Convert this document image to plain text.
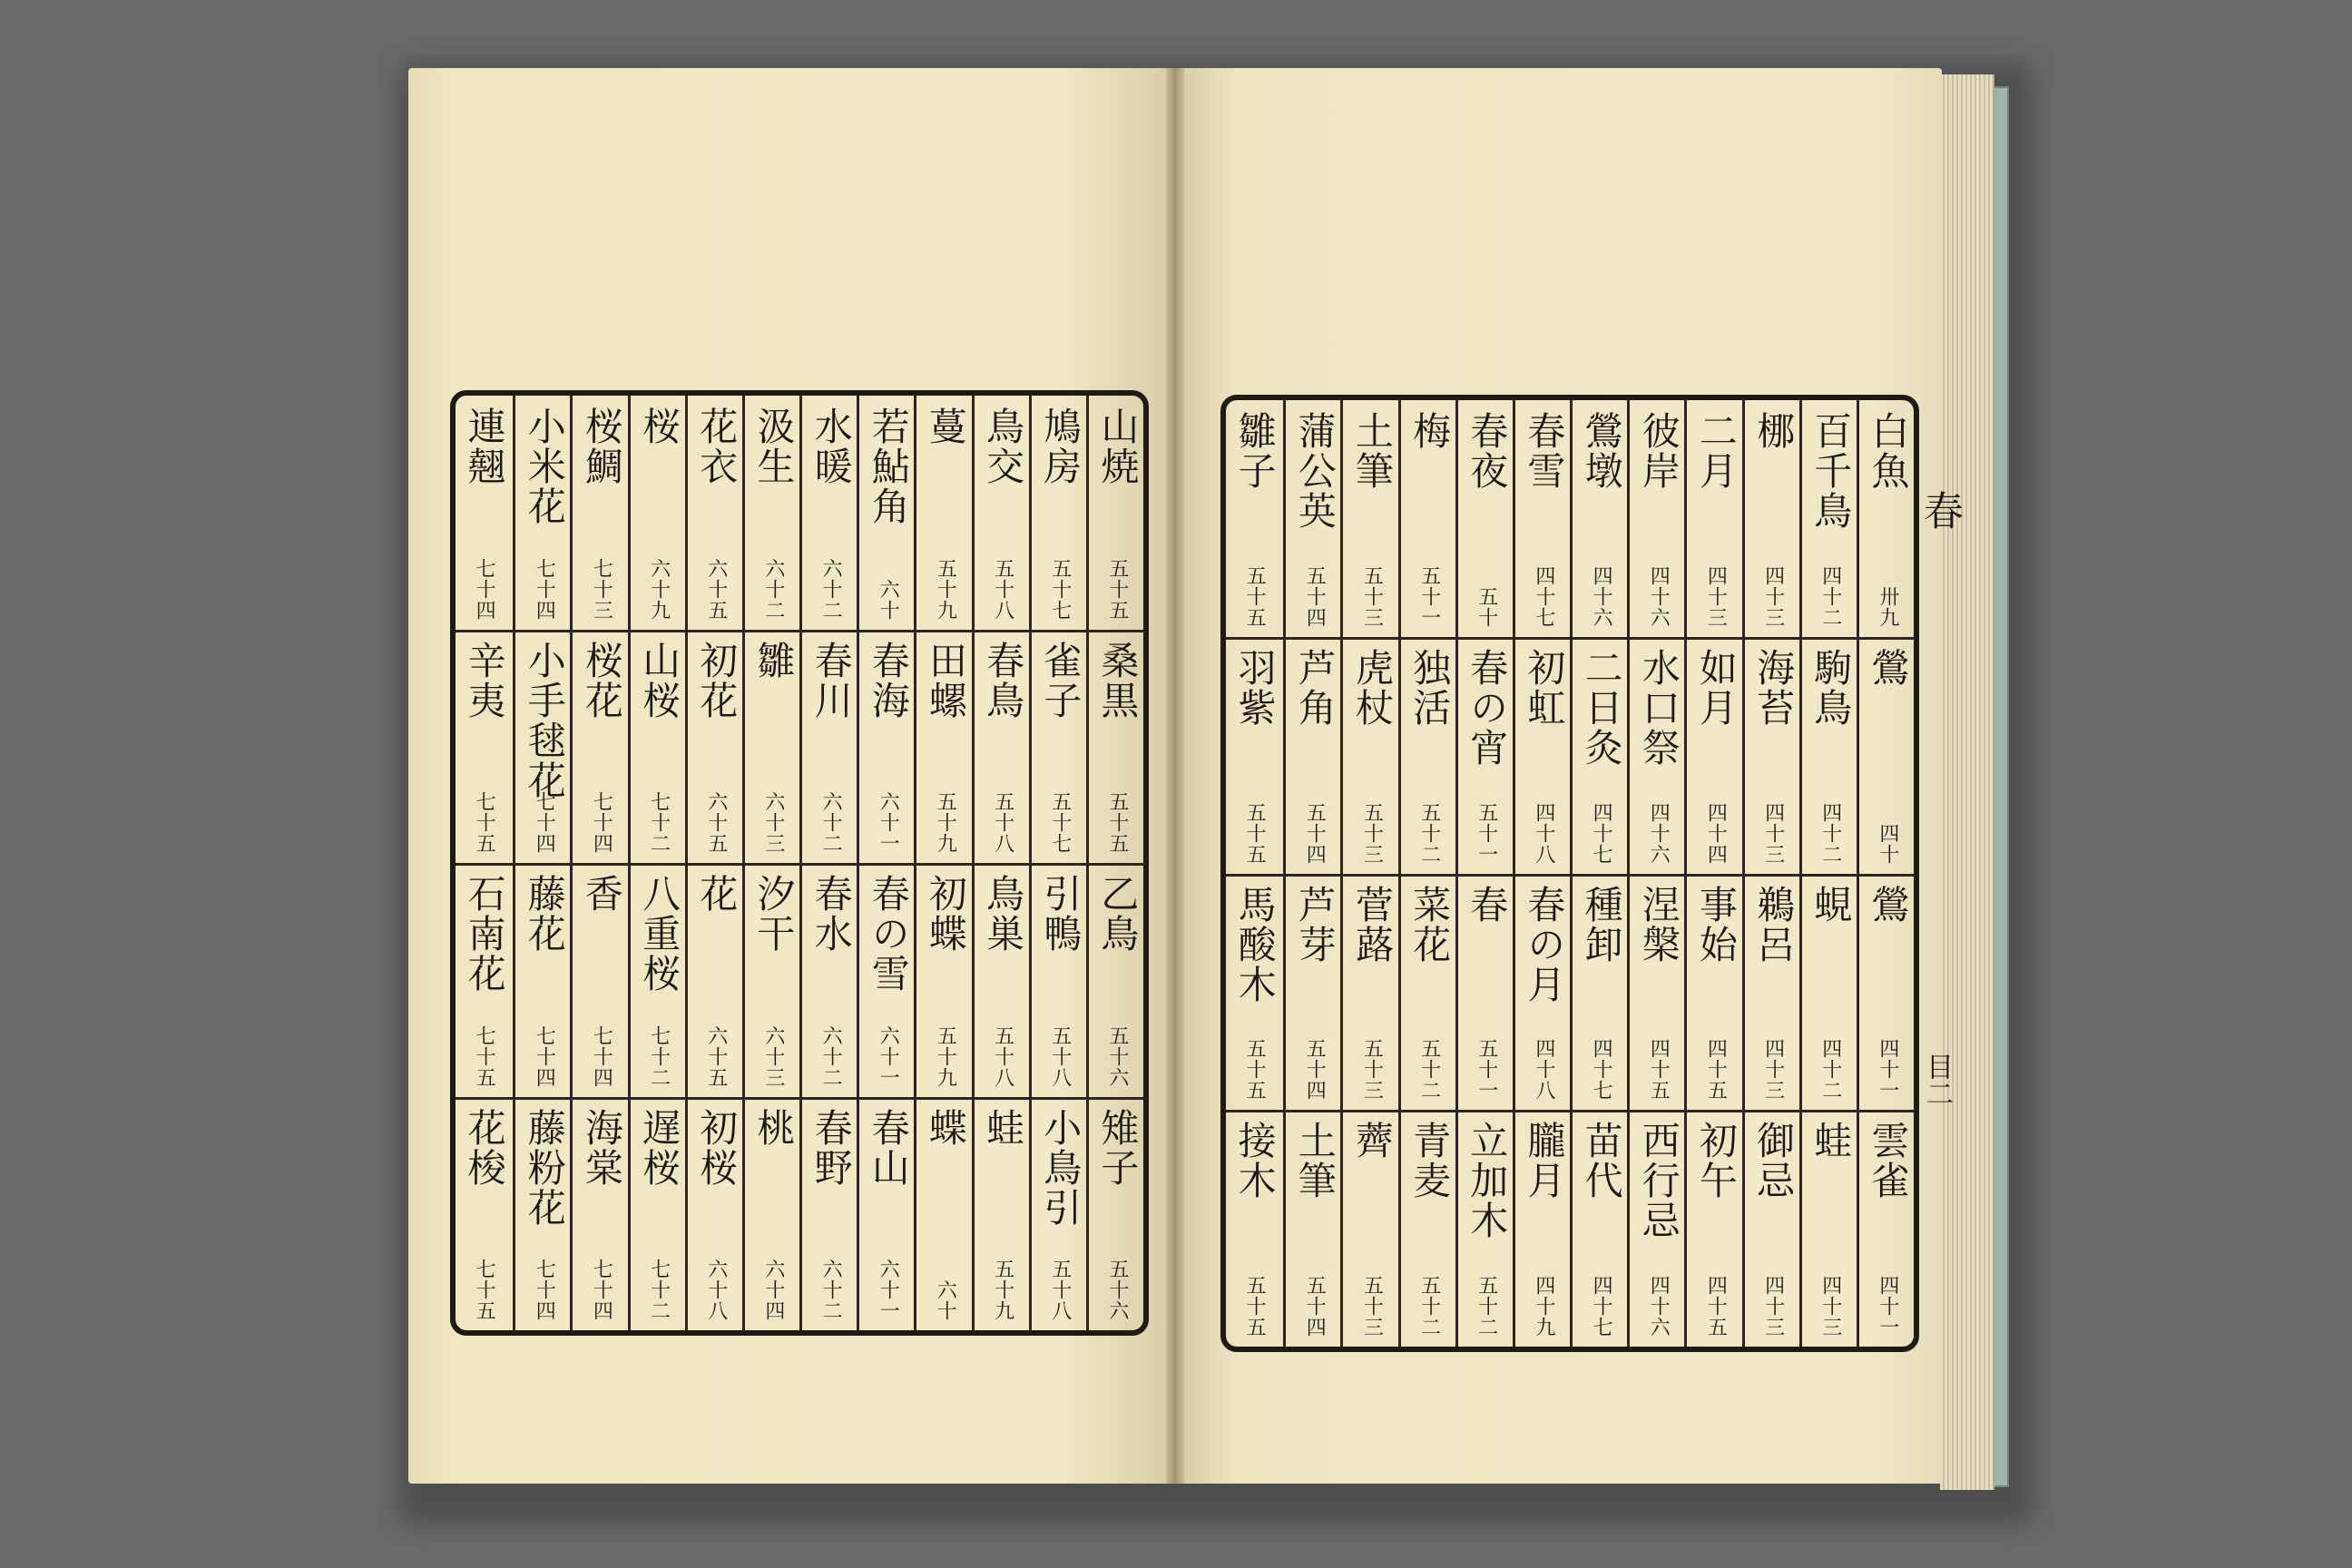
山焼
五十五
桑黒
五十五
乙鳥
五十六
雉子
五十六
鳩房
五十七
雀子
五十七
引鴨
五十八
小鳥引
五十八
鳥交
五十八
春鳥
五十八
鳥巣
五十八
蛙
五十九
蔓
五十九
田螺
五十九
初蝶
五十九
蝶
六十
若鮎角
六十
春海
六十一
春の雪
六十一
春山
六十一
水暖
六十二
春川
六十二
春水
六十二
春野
六十二
汲生
六十二
雛
六十三
汐干
六十三
桃
六十四
花衣
六十五
初花
六十五
花
六十五
初桜
六十八
桜
六十九
山桜
七十二
八重桜
七十二
遅桜
七十二
桜鯛
七十三
桜花
七十四
香
七十四
海棠
七十四
小米花
七十四
小手毬花
七十四
藤花
七十四
藤粉花
七十四
連翹
七十四
辛夷
七十五
石南花
七十五
花梭
七十五
白魚
卅九
鶯
四十
鶯
四十一
雲雀
四十一
百千鳥
四十二
駒鳥
四十二
蜆
四十二
蛙
四十三
梛
四十三
海苔
四十三
鵜呂
四十三
御忌
四十三
二月
四十三
如月
四十四
事始
四十五
初午
四十五
彼岸
四十六
水口祭
四十六
涅槃
四十五
西行忌
四十六
鶯墩
四十六
二日灸
四十七
種卸
四十七
苗代
四十七
春雪
四十七
初虹
四十八
春の月
四十八
朧月
四十九
春夜
五十
春の宵
五十一
春
五十一
立加木
五十二
梅
五十一
独活
五十二
菜花
五十二
青麦
五十二
土筆
五十三
虎杖
五十三
菅蕗
五十三
薺
五十三
蒲公英
五十四
芦角
五十四
芦芽
五十四
土筆
五十四
雛子
五十五
羽紫
五十五
馬酸木
五十五
接木
五十五
春
目二
